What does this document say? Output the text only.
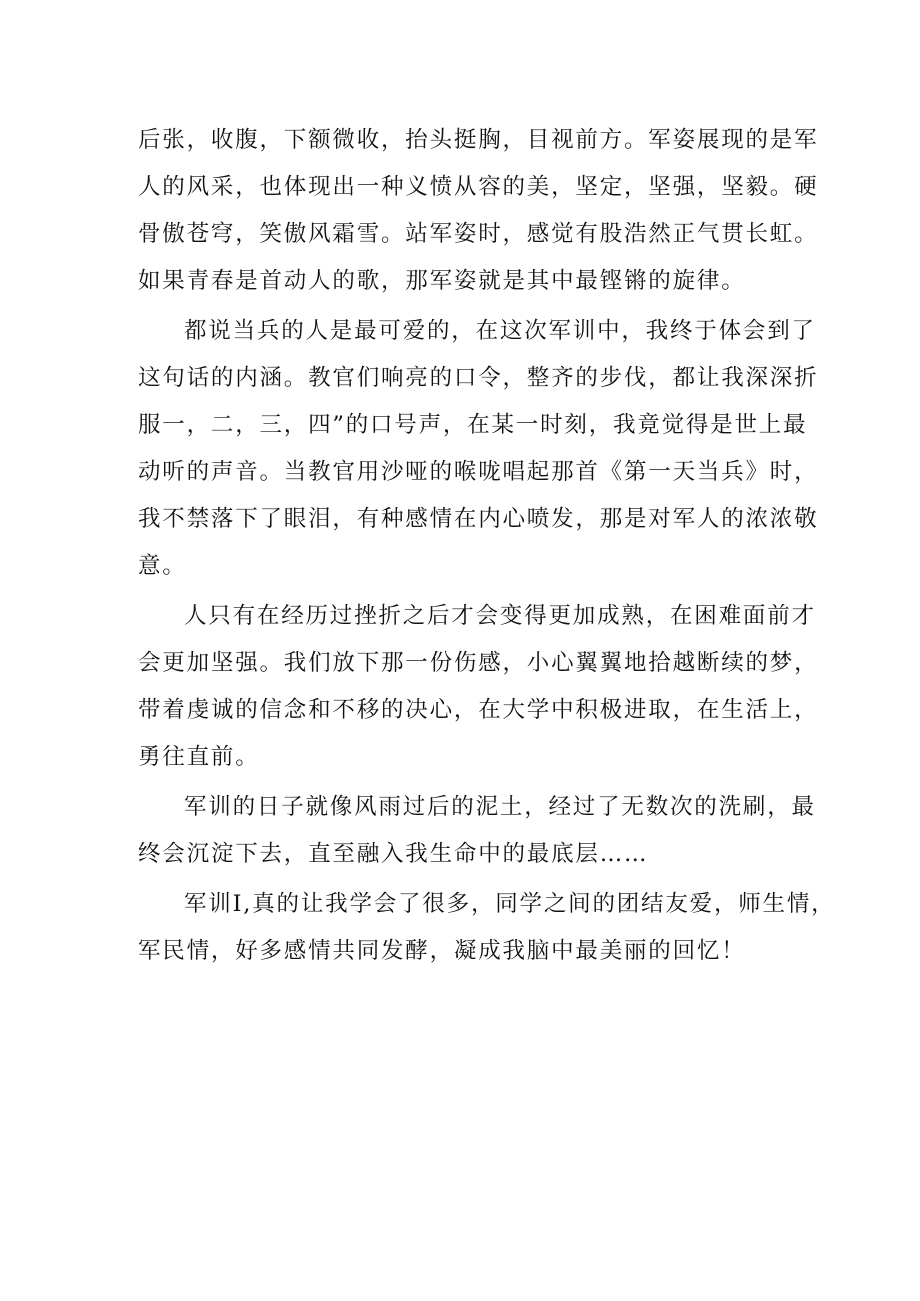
后张，收腹，下额微收，抬头挺胸，目视前方。军姿展现的是军
人的风采，也体现出一种义愤从容的美，坚定，坚强，坚毅。硬
骨傲苍穹，笑傲风霜雪。站军姿时，感觉有股浩然正气贯长虹。
如果青春是首动人的歌，那军姿就是其中最铿锵的旋律。

都说当兵的人是最可爱的，在这次军训中，我终于体会到了
这句话的内涵。教官们响亮的口令，整齐的步伐，都让我深深折
服一，二，三，四”的口号声，在某一时刻，我竟觉得是世上最
动听的声音。当教官用沙哑的喉咙唱起那首《第一天当兵》时，
我不禁落下了眼泪，有种感情在内心喷发，那是对军人的浓浓敬
意。

人只有在经历过挫折之后才会变得更加成熟，在困难面前才
会更加坚强。我们放下那一份伤感，小心翼翼地拾越断续的梦，
带着虔诚的信念和不移的决心，在大学中积极进取，在生活上，
勇往直前。

军训的日子就像风雨过后的泥土，经过了无数次的洗刷，最
终会沉淀下去，直至融入我生命中的最底层……

军训I,真的让我学会了很多，同学之间的团结友爱，师生情，
军民情，好多感情共同发酵，凝成我脑中最美丽的回忆！
